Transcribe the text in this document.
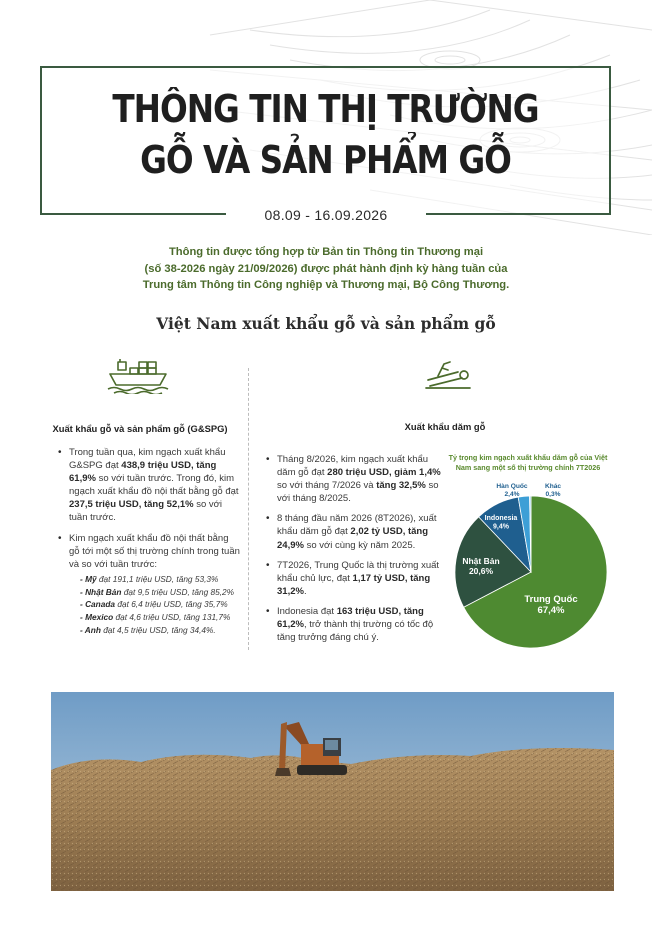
THÔNG TIN THỊ TRƯỜNG
GỖ VÀ SẢN PHẨM GỖ
08.09 - 16.09.2026
Thông tin được tổng hợp từ Bản tin Thông tin Thương mại
(số 38-2026 ngày 21/09/2026) được phát hành định kỳ hàng tuần của
Trung tâm Thông tin Công nghiệp và Thương mại, Bộ Công Thương.
Việt Nam xuất khẩu gỗ và sản phẩm gỗ
Xuất khẩu gỗ và sản phẩm gỗ (G&SPG)
• Trong tuần qua, kim ngạch xuất khẩu G&SPG đạt 438,9 triệu USD, tăng 61,9% so với tuần trước. Trong đó, kim ngạch xuất khẩu đồ nội thất bằng gỗ đạt 237,5 triệu USD, tăng 52,1% so với tuần trước.
• Kim ngạch xuất khẩu đồ nội thất bằng gỗ tới một số thị trường chính trong tuần và so với tuần trước:
- Mỹ đạt 191,1 triệu USD, tăng 53,3%
- Nhật Bản đạt 9,5 triệu USD, tăng 85,2%
- Canada đạt 6,4 triệu USD, tăng 35,7%
- Mexico đạt 4,6 triệu USD, tăng 131,7%
- Anh đạt 4,5 triệu USD, tăng 34,4%.
Xuất khẩu dăm gỗ
• Tháng 8/2026, kim ngạch xuất khẩu dăm gỗ đạt 280 triệu USD, giảm 1,4% so với tháng 7/2026 và tăng 32,5% so với tháng 8/2025.
• 8 tháng đầu năm 2026 (8T2026), xuất khẩu dăm gỗ đạt 2,02 tỷ USD, tăng 24,9% so với cùng kỳ năm 2025.
• 7T2026, Trung Quốc là thị trường xuất khẩu chủ lực, đạt 1,17 tỷ USD, tăng 31,2%.
• Indonesia đạt 163 triệu USD, tăng 61,2%, trở thành thị trường có tốc độ tăng trưởng đáng chú ý.
Tỷ trọng kim ngạch xuất khẩu dăm gỗ của Việt
Nam sang một số thị trường chính 7T2026
Trung Quốc
67,4%
Nhật Bản
20,6%
Indonesia
9,4%
Hàn Quốc
2,4%
Khác
0,3%
